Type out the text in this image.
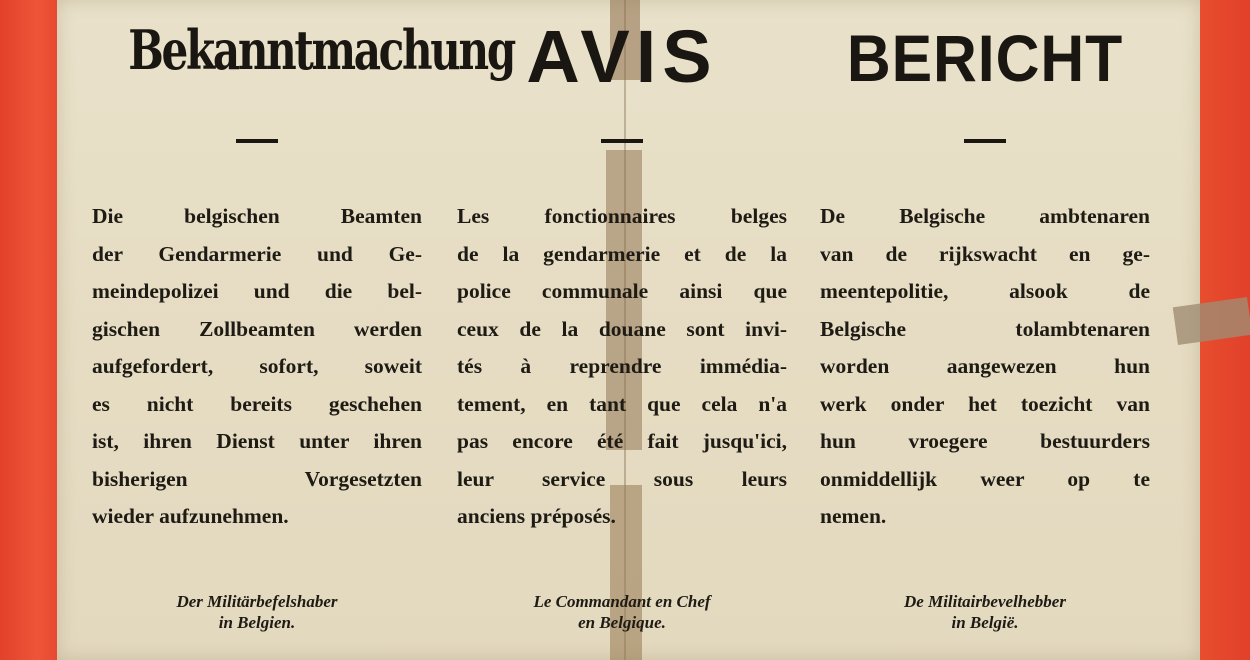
Bekanntmachung

Die belgischen Beamten
der Gendarmerie und Ge-
meindepolizei und die bel-
gischen Zollbeamten werden
aufgefordert, sofort, soweit
es nicht bereits geschehen
ist, ihren Dienst unter ihren
bisherigen Vorgesetzten
wieder aufzunehmen.

Der Militärbefelshaber
in Belgien.
AVIS

Les fonctionnaires belges
de la gendarmerie et de la
police communale ainsi que
ceux de la douane sont invi-
tés à reprendre immédia-
tement, en tant que cela n'a
pas encore été fait jusqu'ici,
leur service sous leurs
anciens préposés.

Le Commandant en Chef
en Belgique.
BERICHT

De Belgische ambtenaren
van de rijkswacht en ge-
meentepolitie, alsook de
Belgische tolambtenaren
worden aangewezen hun
werk onder het toezicht van
hun vroegere bestuurders
onmiddellijk weer op te
nemen.

De Militairbevelhebber
in België.
